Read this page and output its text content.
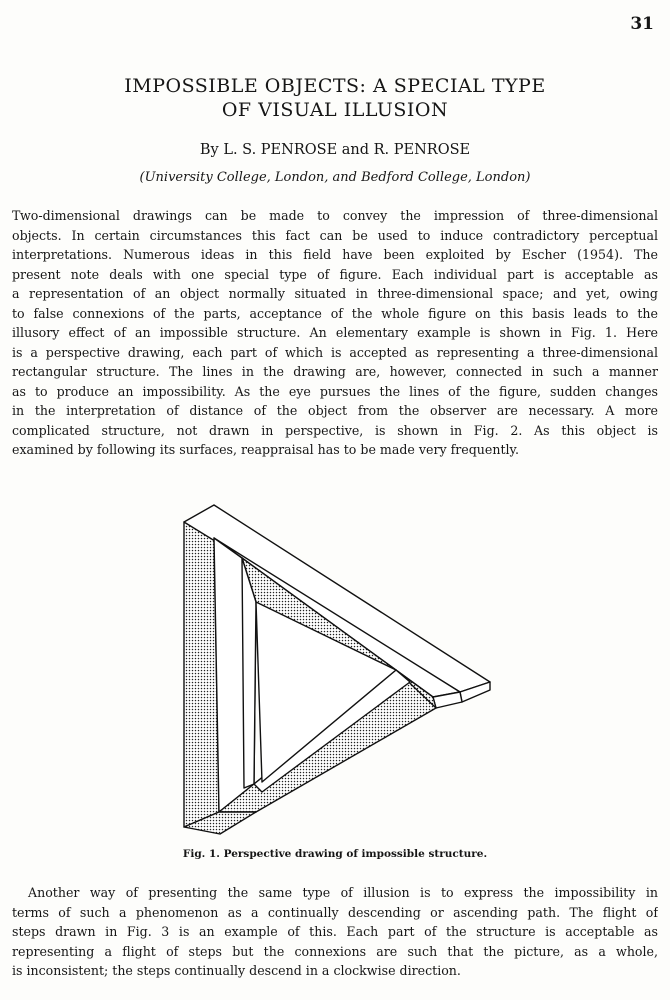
31
IMPOSSIBLE OBJECTS: A SPECIAL TYPE
OF VISUAL ILLUSION
By L. S. PENROSE and R. PENROSE
(University College, London, and Bedford College, London)
Two-dimensional drawings can be made to convey the impression of three-dimensional
objects. In certain circumstances this fact can be used to induce contradictory perceptual
interpretations. Numerous ideas in this field have been exploited by Escher (1954). The
present note deals with one special type of figure. Each individual part is acceptable as
a representation of an object normally situated in three-dimensional space; and yet, owing
to false connexions of the parts, acceptance of the whole figure on this basis leads to the
illusory effect of an impossible structure. An elementary example is shown in Fig. 1. Here
is a perspective drawing, each part of which is accepted as representing a three-dimensional
rectangular structure. The lines in the drawing are, however, connected in such a manner
as to produce an impossibility. As the eye pursues the lines of the figure, sudden changes
in the interpretation of distance of the object from the observer are necessary. A more
complicated structure, not drawn in perspective, is shown in Fig. 2. As this object is
examined by following its surfaces, reappraisal has to be made very frequently.
Fig. 1. Perspective drawing of impossible structure.
Another way of presenting the same type of illusion is to express the impossibility in
terms of such a phenomenon as a continually descending or ascending path. The flight of
steps drawn in Fig. 3 is an example of this. Each part of the structure is acceptable as
representing a flight of steps but the connexions are such that the picture, as a whole,
is inconsistent; the steps continually descend in a clockwise direction.
